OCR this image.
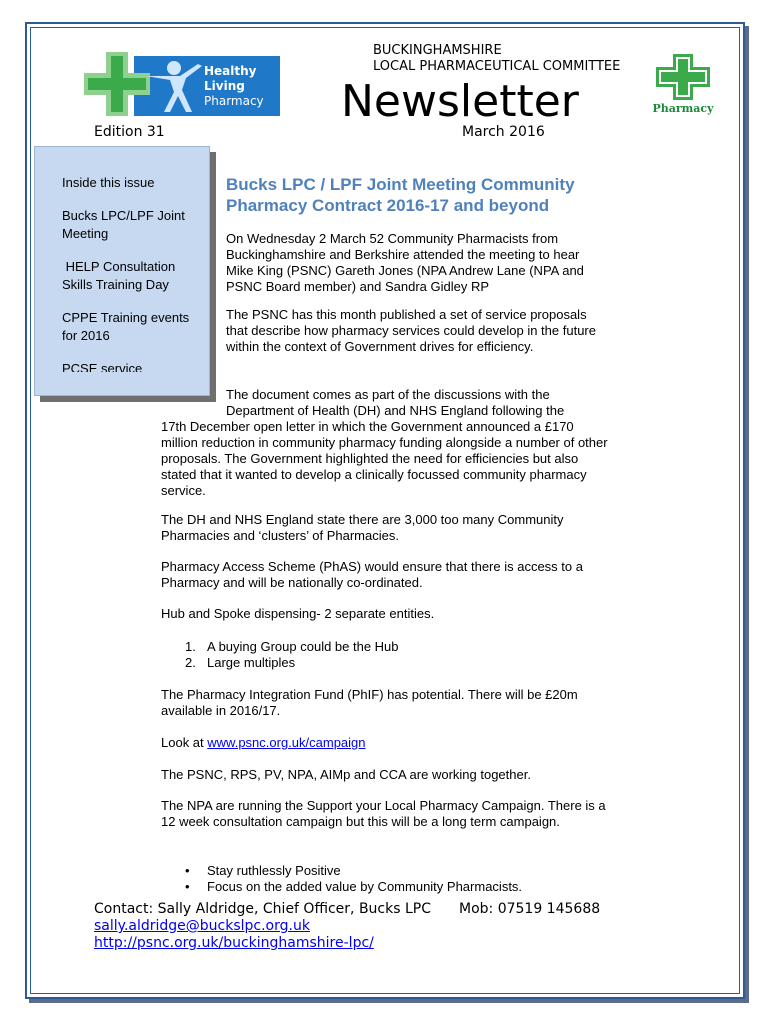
Healthy
Living
Pharmacy
BUCKINGHAMSHIRE
LOCAL PHARMACEUTICAL COMMITTEE
Newsletter
Edition 31	March 2016
Pharmacy

Inside this issue

Bucks LPC/LPF Joint Meeting

HELP Consultation Skills Training Day

CPPE Training events for 2016

PCSE service

Bucks LPC / LPF Joint Meeting Community Pharmacy Contract 2016-17 and beyond

On Wednesday 2 March 52 Community Pharmacists from Buckinghamshire and Berkshire attended the meeting to hear Mike King (PSNC) Gareth Jones (NPA Andrew Lane (NPA and PSNC Board member) and Sandra Gidley RP

The PSNC has this month published a set of service proposals that describe how pharmacy services could develop in the future within the context of Government drives for efficiency.

The document comes as part of the discussions with the

Department of Health (DH) and NHS England following the

17th December open letter in which the Government announced a £170 million reduction in community pharmacy funding alongside a number of other proposals. The Government highlighted the need for efficiencies but also stated that it wanted to develop a clinically focussed community pharmacy service.

The DH and NHS England state there are 3,000 too many Community Pharmacies and ‘clusters’ of Pharmacies.

Pharmacy Access Scheme (PhAS) would ensure that there is access to a Pharmacy and will be nationally co-ordinated.

Hub and Spoke dispensing- 2 separate entities.

1. A buying Group could be the Hub
2. Large multiples

The Pharmacy Integration Fund (PhIF) has potential. There will be £20m available in 2016/17.

Look at www.psnc.org.uk/campaign

The PSNC, RPS, PV, NPA, AIMp and CCA are working together.

The NPA are running the Support your Local Pharmacy Campaign. There is a 12 week consultation campaign but this will be a long term campaign.

• Stay ruthlessly Positive
• Focus on the added value by Community Pharmacists.
Contact: Sally Aldridge, Chief Officer, Bucks LPC Mob: 07519 145688
sally.aldridge@buckslpc.org.uk
http://psnc.org.uk/buckinghamshire-lpc/
